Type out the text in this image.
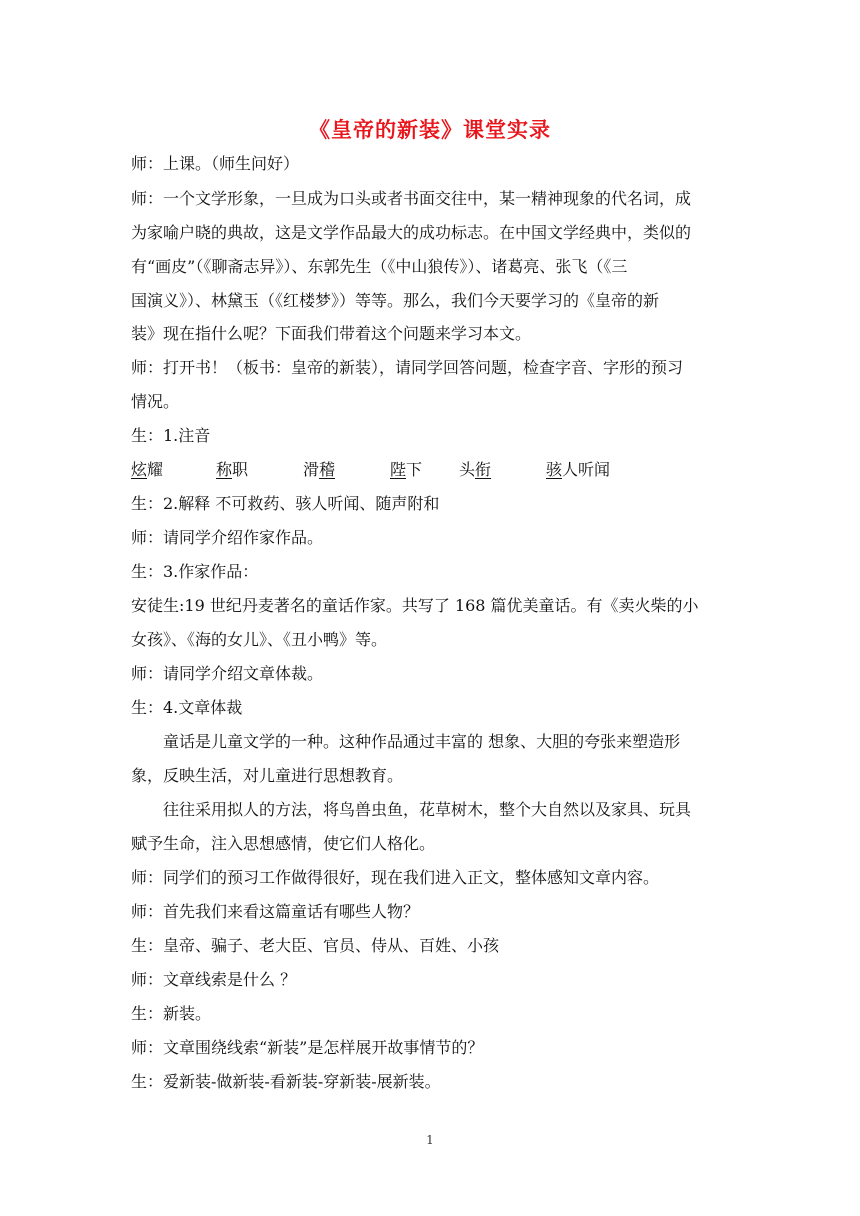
《皇帝的新装》课堂实录

师：上课。（师生问好）

师：一个文学形象，一旦成为口头或者书面交往中，某一精神现象的代名词，成

为家喻户晓的典故，这是文学作品最大的成功标志。在中国文学经典中，类似的

有“画皮”（《聊斋志异》）、东郭先生（《中山狼传》）、诸葛亮、张飞（《三

国演义》）、林黛玉（《红楼梦》）等等。那么，我们今天要学习的《皇帝的新

装》现在指什么呢？下面我们带着这个问题来学习本文。

师：打开书！（板书：皇帝的新装），请同学回答问题，检查字音、字形的预习

情况。

生：1.注音

炫耀	称职	滑稽	陛下 头衔	骇人听闻

生：2.解释 不可救药、骇人听闻、随声附和

师：请同学介绍作家作品。

生：3.作家作品：

安徒生:19 世纪丹麦著名的童话作家。共写了 168 篇优美童话。有《卖火柴的小

女孩》、《海的女儿》、《丑小鸭》等。

师：请同学介绍文章体裁。

生：4.文章体裁

童话是儿童文学的一种。这种作品通过丰富的 想象、大胆的夸张来塑造形

象，反映生活，对儿童进行思想教育。

往往采用拟人的方法，将鸟兽虫鱼，花草树木，整个大自然以及家具、玩具

赋予生命，注入思想感情，使它们人格化。

师：同学们的预习工作做得很好，现在我们进入正文，整体感知文章内容。

师：首先我们来看这篇童话有哪些人物？

生：皇帝、骗子、老大臣、官员、侍从、百姓、小孩

师：文章线索是什么 ？

生：新装。

师：文章围绕线索“新装”是怎样展开故事情节的？

生：爱新装-做新装-看新装-穿新装-展新装。

1
